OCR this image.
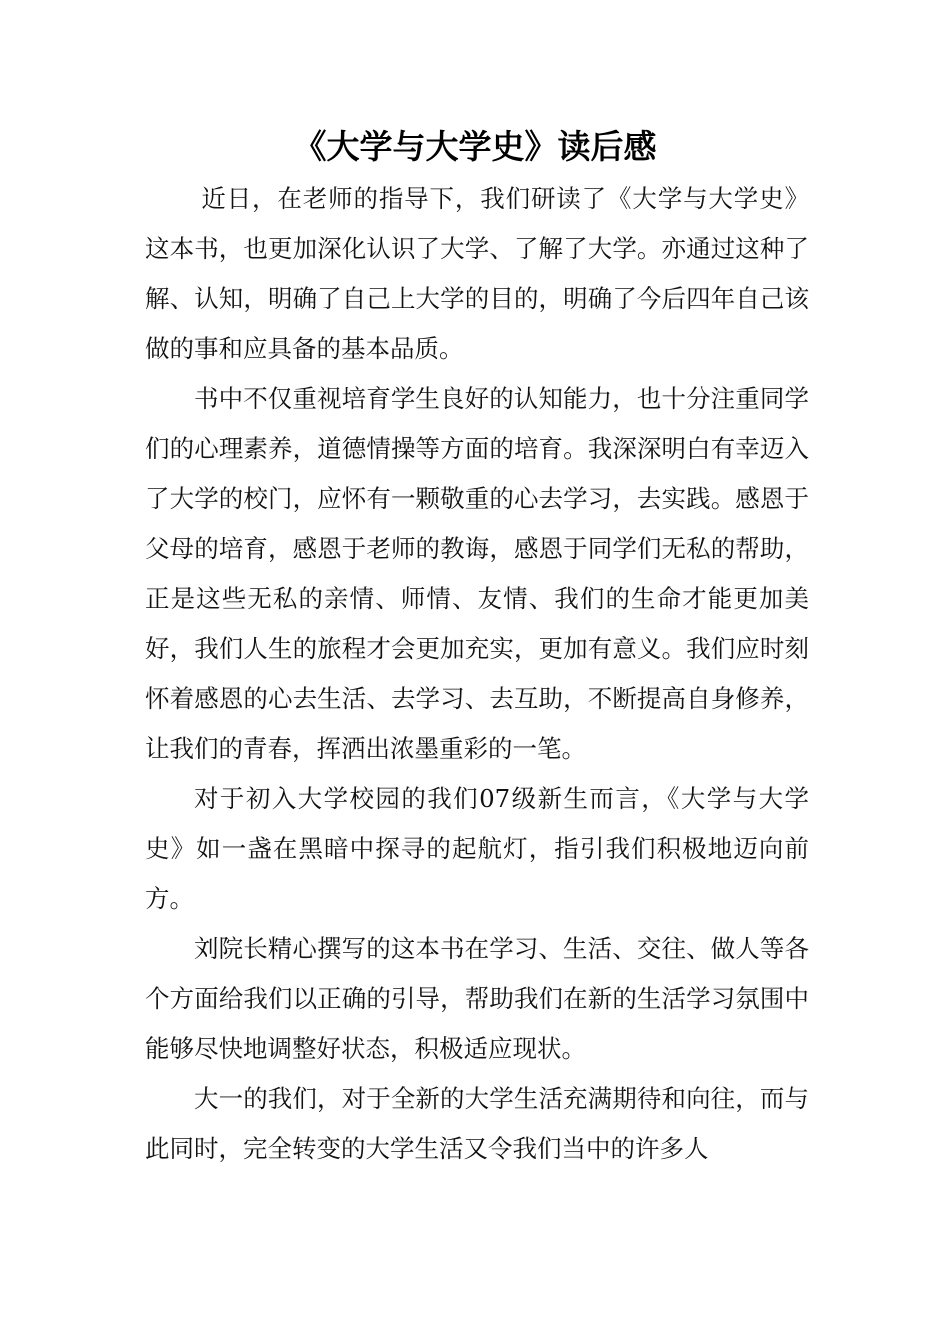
《大学与大学史》读后感

近日，在老师的指导下，我们研读了《大学与大学史》这本书，也更加深化认识了大学、了解了大学。亦通过这种了解、认知，明确了自己上大学的目的，明确了今后四年自己该做的事和应具备的基本品质。

书中不仅重视培育学生良好的认知能力，也十分注重同学们的心理素养，道德情操等方面的培育。我深深明白有幸迈入了大学的校门，应怀有一颗敬重的心去学习，去实践。感恩于父母的培育，感恩于老师的教诲，感恩于同学们无私的帮助，正是这些无私的亲情、师情、友情、我们的生命才能更加美好，我们人生的旅程才会更加充实，更加有意义。我们应时刻怀着感恩的心去生活、去学习、去互助，不断提高自身修养，让我们的青春，挥洒出浓墨重彩的一笔。

对于初入大学校园的我们07级新生而言，《大学与大学史》如一盏在黑暗中探寻的起航灯，指引我们积极地迈向前方。

刘院长精心撰写的这本书在学习、生活、交往、做人等各个方面给我们以正确的引导，帮助我们在新的生活学习氛围中能够尽快地调整好状态，积极适应现状。

大一的我们，对于全新的大学生活充满期待和向往，而与此同时，完全转变的大学生活又令我们当中的许多人
